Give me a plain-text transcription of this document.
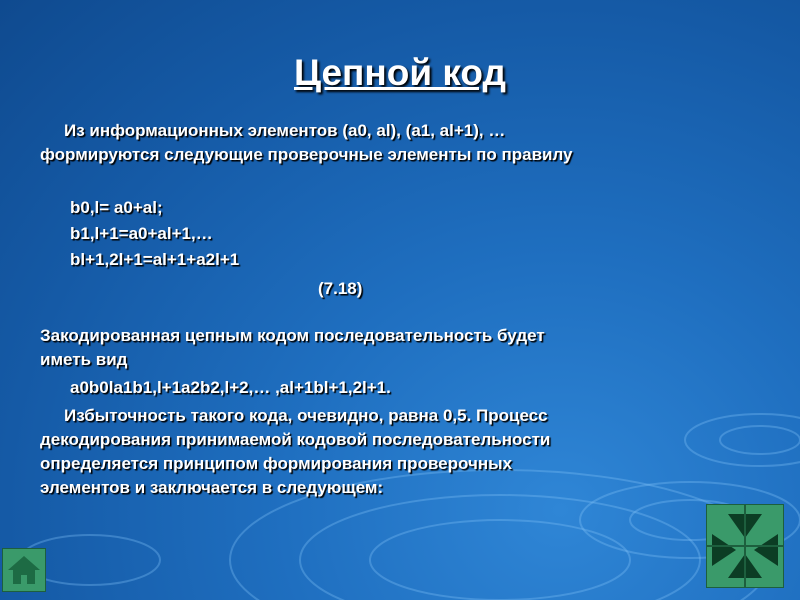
Цепной код
Из информационных элементов (a0, al), (a1, al+1), …
формируются следующие проверочные элементы по правилу
b0,l= a0+al;
b1,l+1=a0+al+1,…
bl+1,2l+1=al+1+a2l+1
(7.18)
Закодированная цепным кодом последовательность будет
иметь вид
a0b0la1b1,l+1a2b2,l+2,… ,al+1bl+1,2l+1.
Избыточность такого кода, очевидно, равна 0,5. Процесс
декодирования принимаемой кодовой последовательности
определяется принципом формирования проверочных
элементов и заключается в следующем:
